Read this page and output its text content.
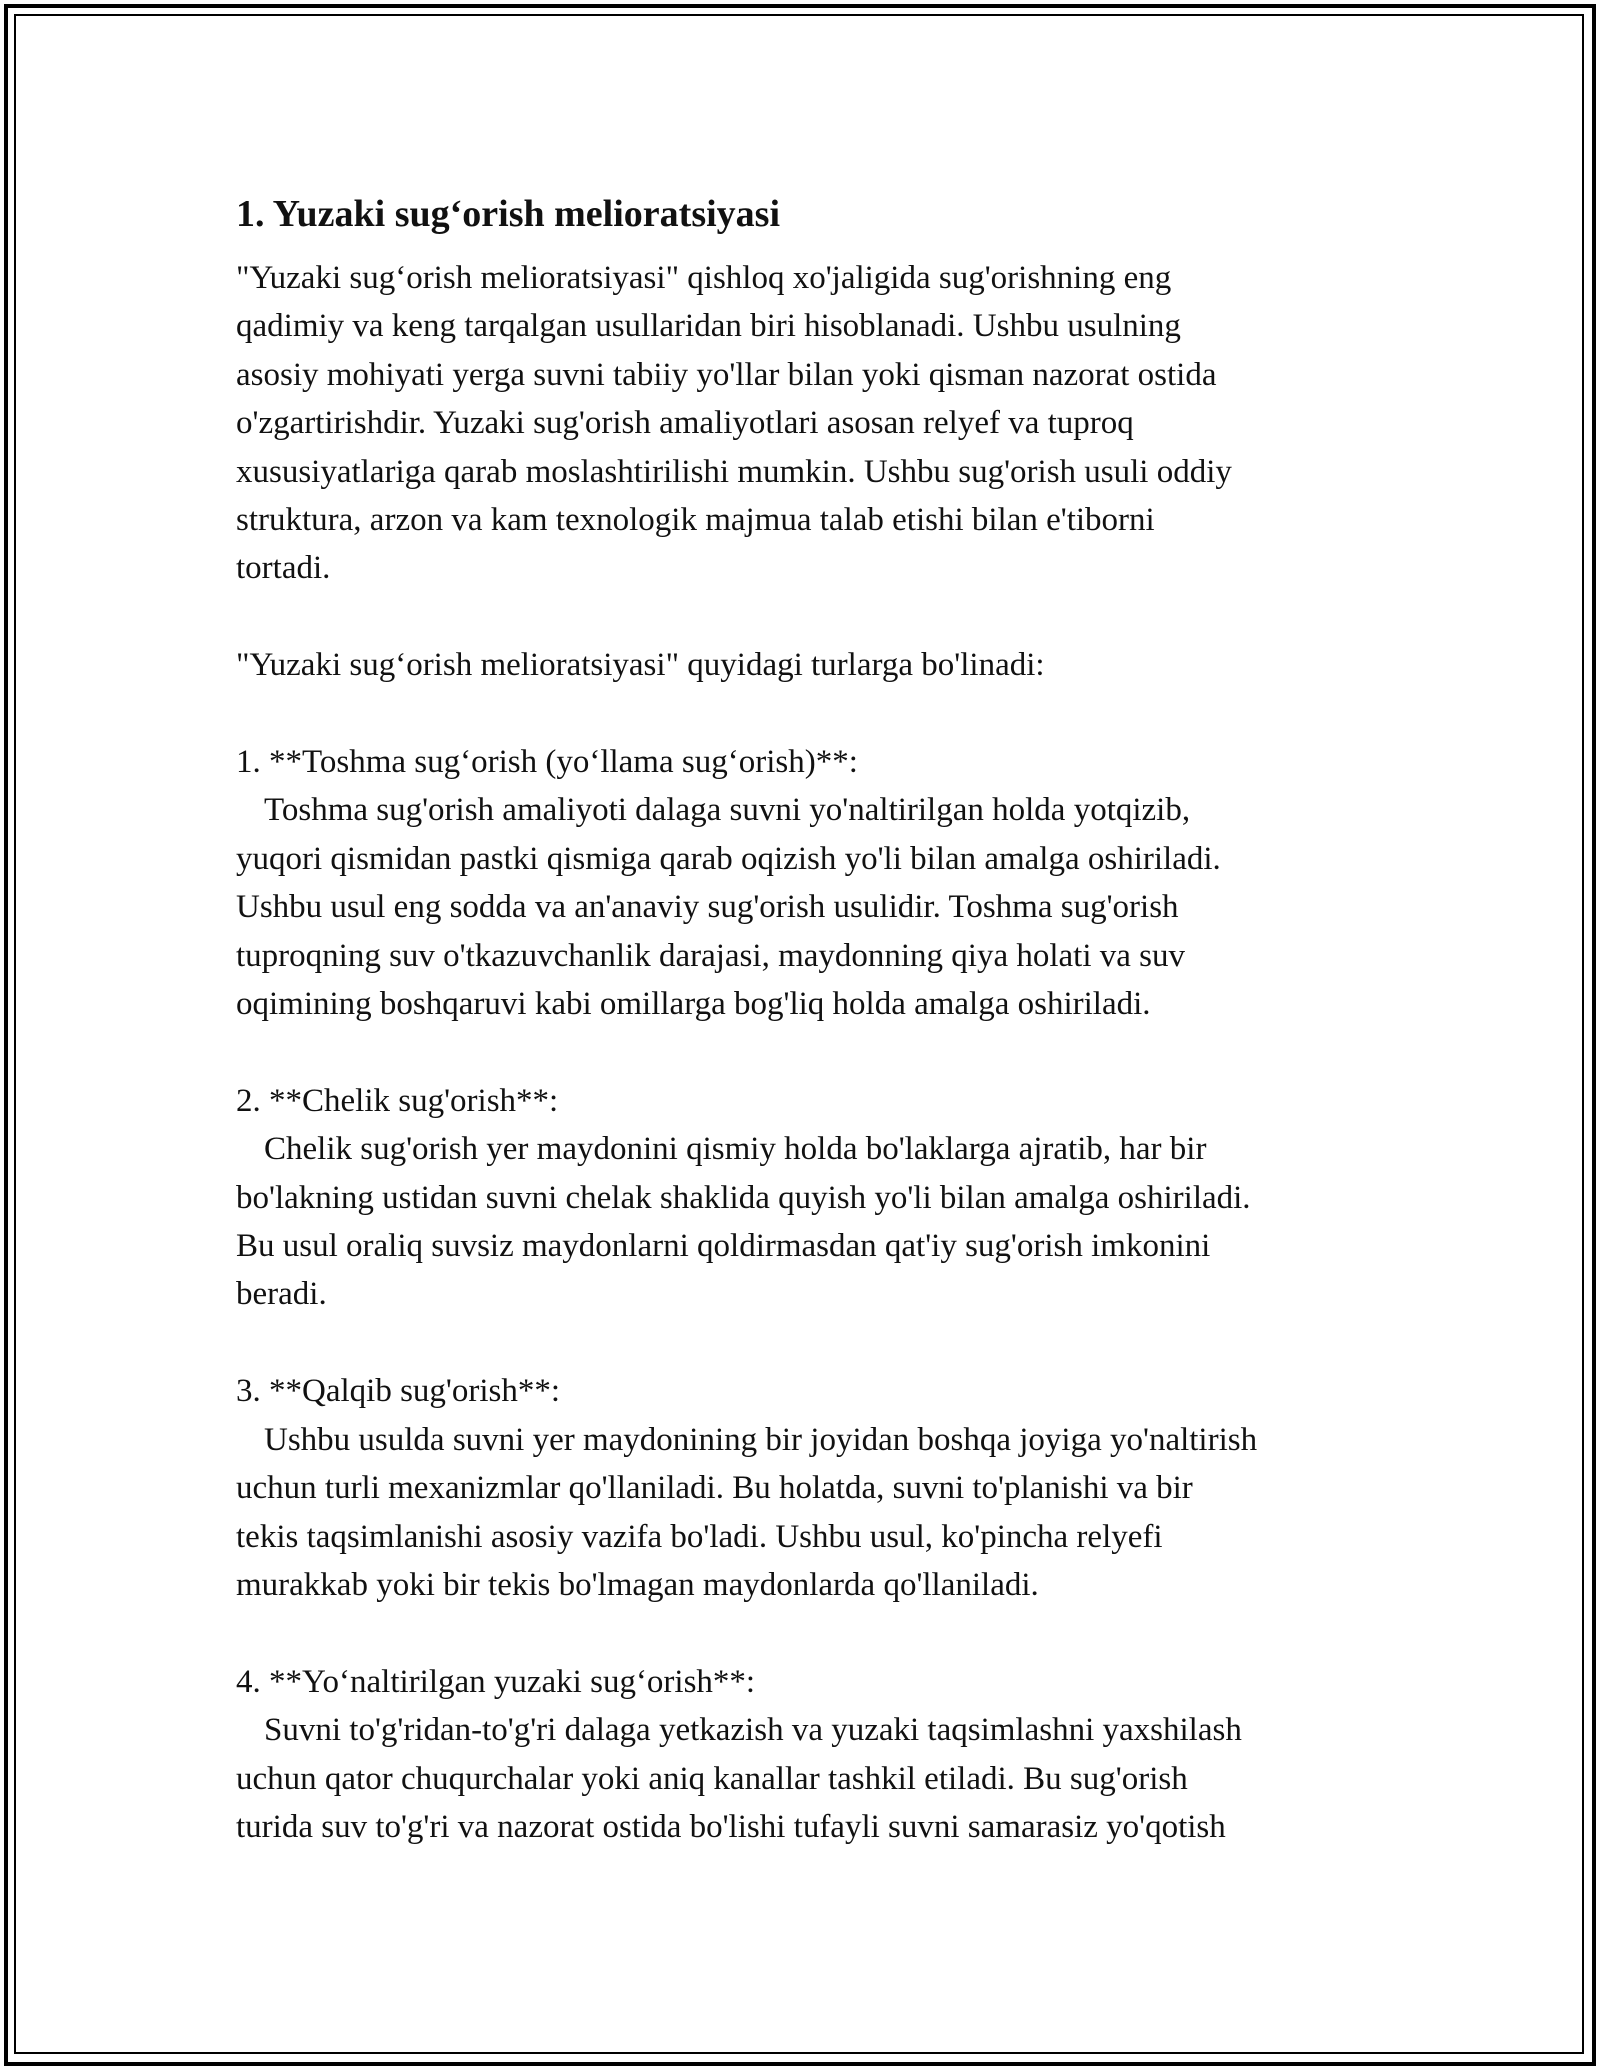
1. Yuzaki sug‘orish melioratsiyasi

"Yuzaki sug‘orish melioratsiyasi" qishloq xo'jaligida sug'orishning eng

qadimiy va keng tarqalgan usullaridan biri hisoblanadi. Ushbu usulning

asosiy mohiyati yerga suvni tabiiy yo'llar bilan yoki qisman nazorat ostida

o'zgartirishdir. Yuzaki sug'orish amaliyotlari asosan relyef va tuproq

xususiyatlariga qarab moslashtirilishi mumkin. Ushbu sug'orish usuli oddiy

struktura, arzon va kam texnologik majmua talab etishi bilan e'tiborni

tortadi.

"Yuzaki sug‘orish melioratsiyasi" quyidagi turlarga bo'linadi:

1. **Toshma sug‘orish (yo‘llama sug‘orish)**:

Toshma sug'orish amaliyoti dalaga suvni yo'naltirilgan holda yotqizib,

yuqori qismidan pastki qismiga qarab oqizish yo'li bilan amalga oshiriladi.

Ushbu usul eng sodda va an'anaviy sug'orish usulidir. Toshma sug'orish

tuproqning suv o'tkazuvchanlik darajasi, maydonning qiya holati va suv

oqimining boshqaruvi kabi omillarga bog'liq holda amalga oshiriladi.

2. **Chelik sug'orish**:

Chelik sug'orish yer maydonini qismiy holda bo'laklarga ajratib, har bir

bo'lakning ustidan suvni chelak shaklida quyish yo'li bilan amalga oshiriladi.

Bu usul oraliq suvsiz maydonlarni qoldirmasdan qat'iy sug'orish imkonini

beradi.

3. **Qalqib sug'orish**:

Ushbu usulda suvni yer maydonining bir joyidan boshqa joyiga yo'naltirish

uchun turli mexanizmlar qo'llaniladi. Bu holatda, suvni to'planishi va bir

tekis taqsimlanishi asosiy vazifa bo'ladi. Ushbu usul, ko'pincha relyefi

murakkab yoki bir tekis bo'lmagan maydonlarda qo'llaniladi.

4. **Yo‘naltirilgan yuzaki sug‘orish**:

Suvni to'g'ridan-to'g'ri dalaga yetkazish va yuzaki taqsimlashni yaxshilash

uchun qator chuqurchalar yoki aniq kanallar tashkil etiladi. Bu sug'orish

turida suv to'g'ri va nazorat ostida bo'lishi tufayli suvni samarasiz yo'qotish
